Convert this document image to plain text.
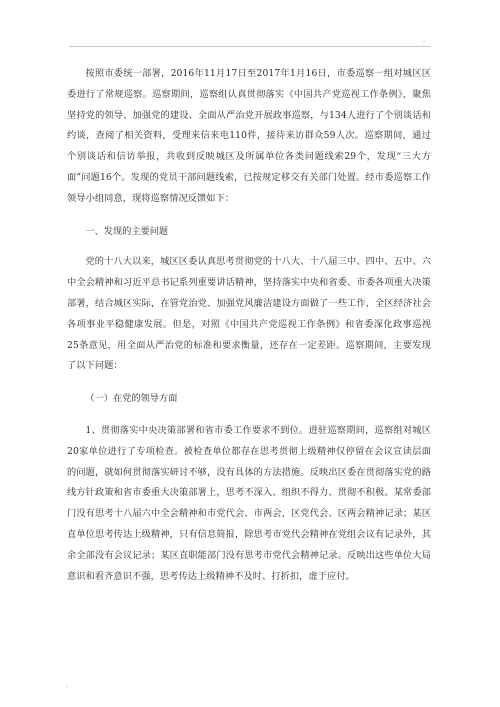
.

按照市委统一部署，2016年11月17日至2017年1月16日，市委巡察一组对城区区委进行了常规巡察。巡察期间，巡察组认真贯彻落实《中国共产党巡视工作条例》，聚焦坚持党的领导、加强党的建设、全面从严治党开展政事巡察，与134人进行了个别谈话和约谈，查阅了相关资料，受理来信来电110件，接待来访群众59人次。巡察期间，通过个别谈话和信访举报，共收到反映城区及所属单位各类问题线索29个，发现“三大方面”问题16个。发现的党员干部问题线索，已按规定移交有关部门处置。经市委巡察工作领导小组同意，现将巡察情况反馈如下：

一、发现的主要问题

党的十八大以来，城区区委认真思考贯彻党的十八大、十八届三中、四中、五中、六中全会精神和习近平总书记系列重要讲话精神，坚持落实中央和省委、市委各项重大决策部署，结合城区实际，在管党治党、加强党风廉洁建设方面做了一些工作，全区经济社会各项事业平稳健康发展。但是，对照《中国共产党巡视工作条例》和省委深化政事巡视25条意见，用全面从严治党的标准和要求衡量，还存在一定差距。巡察期间，主要发现了以下问题：

（一）在党的领导方面

1、贯彻落实中央决策部署和省市委工作要求不到位。进驻巡察期间，巡察组对城区20家单位进行了专项检查。被检查单位都存在思考贯彻上级精神仅停留在会议宣读层面的问题，就如何贯彻落实研讨不够，没有具体的方法措施。反映出区委在贯彻落实党的路线方针政策和省市委重大决策部署上，思考不深入、组织不得力、贯彻不积极。某常委部门没有思考十八届六中全会精神和市党代会、市两会，区党代会、区两会精神记录；某区直单位思考传达上级精神，只有信息简报，除思考市党代会精神在党组会议有记录外，其余全部没有会议记录；某区直职能部门没有思考市党代会精神记录。反映出这些单位大局意识和看齐意识不强，思考传达上级精神不及时、打折扣，虚于应付。

.
